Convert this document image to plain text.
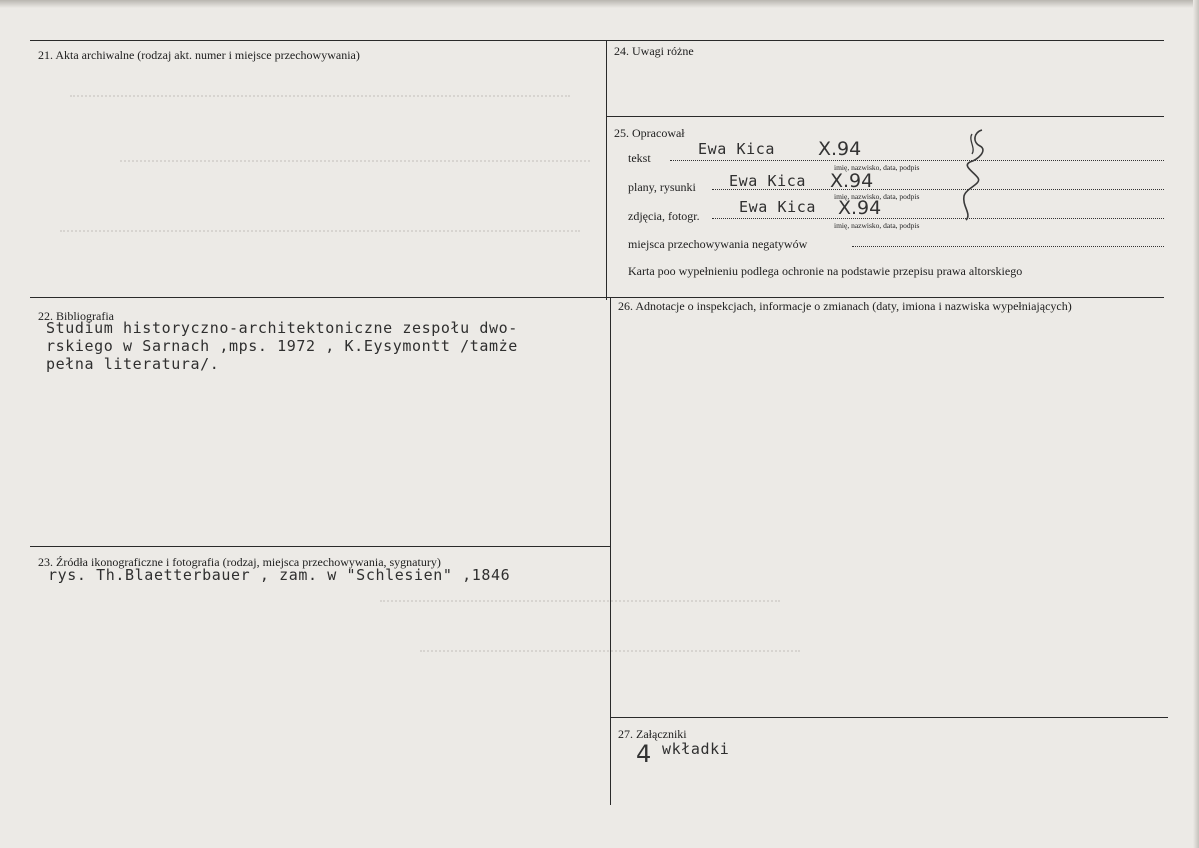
21. Akta archiwalne (rodzaj akt. numer i miejsce przechowywania)	24. Uwagi różne
25. Opracował
tekst	Ewa Kica X.94
imię, nazwisko, data, podpis
plany, rysunki Ewa Kica X.94
imię, nazwisko, data, podpis
zdjęcia, fotogr.	Ewa Kica X.94
imię, nazwisko, data, podpis
miejsca przechowywania negatywów
Karta poo wypełnieniu podlega ochronie na podstawie przepisu prawa altorskiego
22. Bibliografia
Studium historyczno-architektoniczne zespołu dwo-
rskiego w Sarnach ,mps. 1972 , K.Eysymontt /tamże
pełna literatura/.
26. Adnotacje o inspekcjach, informacje o zmianach (daty, imiona i nazwiska wypełniających)
23. Źródła ikonograficzne i fotografia (rodzaj, miejsca przechowywania, sygnatury)
rys. Th.Blaetterbauer , zam. w "Schlesien" ,1846
27. Załączniki
4 wkładki
